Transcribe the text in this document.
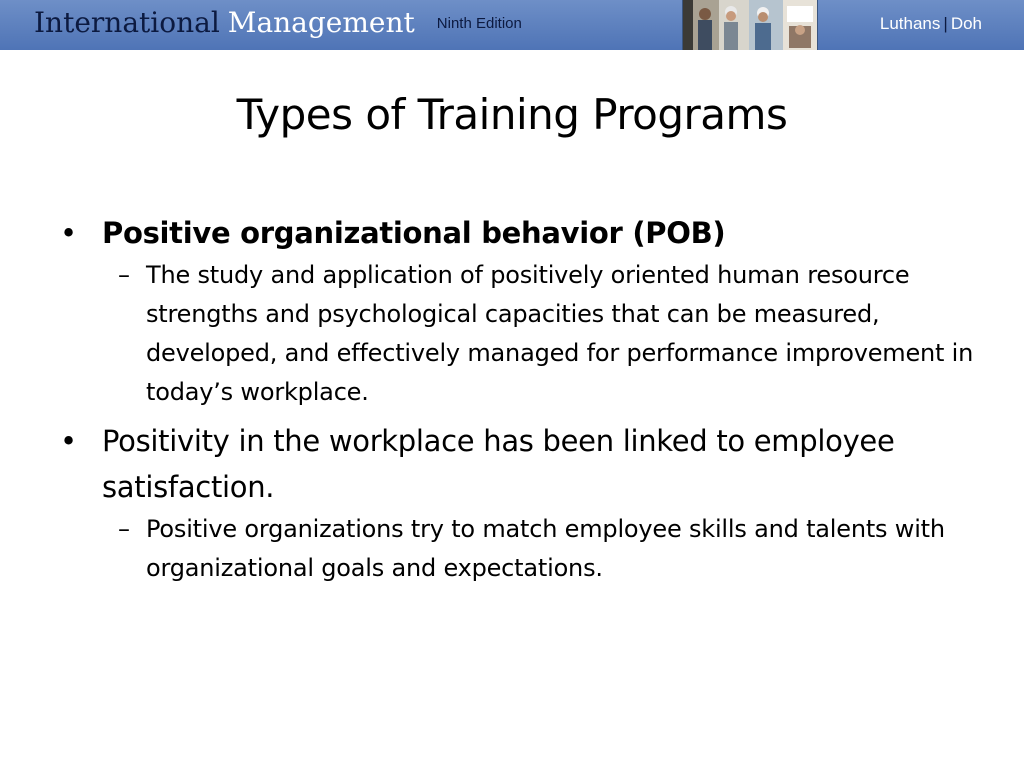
International Management Ninth Edition	Luthans | Doh
Types of Training Programs
• Positive organizational behavior (POB)
– The study and application of positively oriented human resource strengths and psychological capacities that can be measured, developed, and effectively managed for performance improvement in today’s workplace.
• Positivity in the workplace has been linked to employee satisfaction.
– Positive organizations try to match employee skills and talents with organizational goals and expectations.
